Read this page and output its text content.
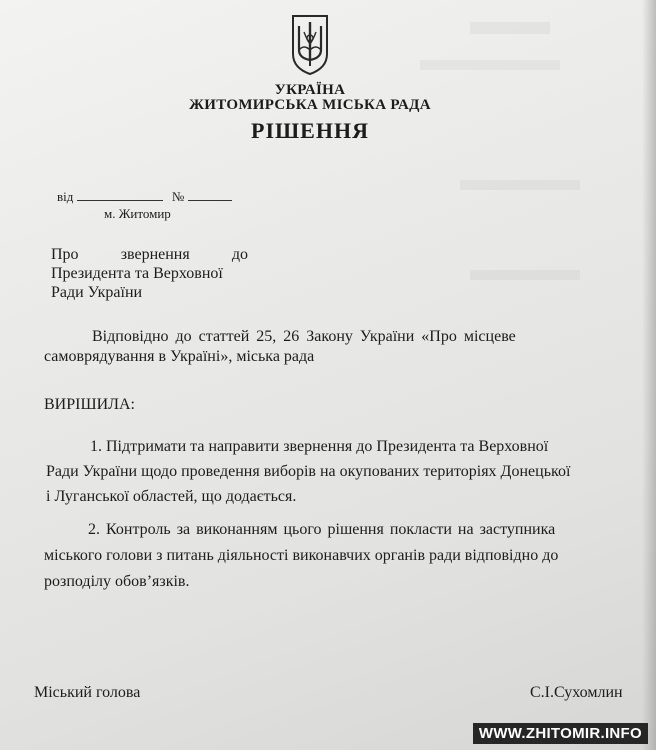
УКРАЇНА
ЖИТОМИРСЬКА МІСЬКА РАДА
РІШЕННЯ
від	№
м. Житомир
Про	звернення	до
Президента та Верховної
Ради України
Відповідно до статтей 25, 26 Закону України «Про місцеве
самоврядування в Україні», міська рада
ВИРІШИЛА:
1. Підтримати та направити звернення до Президента та Верховної
Ради України щодо проведення виборів на окупованих територіях Донецької
і Луганської областей, що додається.
2. Контроль за виконанням цього рішення покласти на заступника
міського голови з питань діяльності виконавчих органів ради відповідно до
розподілу обов’язків.
Міський голова	С.І.Сухомлин
WWW.ZHITOMIR.INFO
